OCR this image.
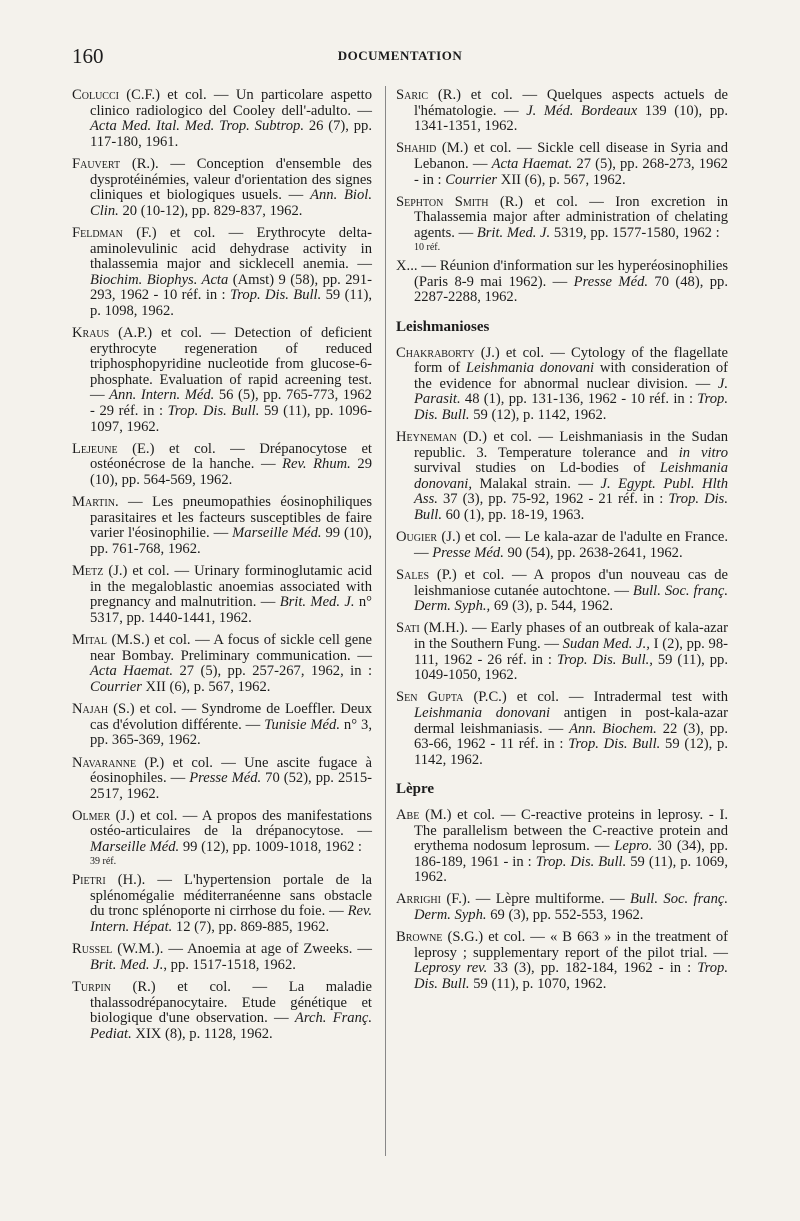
160	DOCUMENTATION

Colucci (C.F.) et col. — Un particolare aspetto clinico radiologico del Cooley dell'-adulto. — Acta Med. Ital. Med. Trop. Subtrop. 26 (7), pp. 117-180, 1961.

Fauvert (R.). — Conception d'ensemble des dysprotéinémies, valeur d'orientation des signes cliniques et biologiques usuels. — Ann. Biol. Clin. 20 (10-12), pp. 829-837, 1962.

Feldman (F.) et col. — Erythrocyte delta-aminolevulinic acid dehydrase activity in thalassemia major and sicklecell anemia. — Biochim. Biophys. Acta (Amst) 9 (58), pp. 291-293, 1962 - 10 réf. in : Trop. Dis. Bull. 59 (11), p. 1098, 1962.

Kraus (A.P.) et col. — Detection of deficient erythrocyte regeneration of reduced triphosphopyridine nucleotide from glucose-6-phosphate. Evaluation of rapid acreening test. — Ann. Intern. Méd. 56 (5), pp. 765-773, 1962 - 29 réf. in : Trop. Dis. Bull. 59 (11), pp. 1096-1097, 1962.

Lejeune (E.) et col. — Drépanocytose et ostéonécrose de la hanche. — Rev. Rhum. 29 (10), pp. 564-569, 1962.

Martin. — Les pneumopathies éosinophiliques parasitaires et les facteurs susceptibles de faire varier l'éosinophilie. — Marseille Méd. 99 (10), pp. 761-768, 1962.

Metz (J.) et col. — Urinary forminoglutamic acid in the megaloblastic anoemias associated with pregnancy and malnutrition. — Brit. Med. J. n° 5317, pp. 1440-1441, 1962.

Mital (M.S.) et col. — A focus of sickle cell gene near Bombay. Preliminary communication. — Acta Haemat. 27 (5), pp. 257-267, 1962, in : Courrier XII (6), p. 567, 1962.

Najah (S.) et col. — Syndrome de Loeffler. Deux cas d'évolution différente. — Tunisie Méd. n° 3, pp. 365-369, 1962.

Navaranne (P.) et col. — Une ascite fugace à éosinophiles. — Presse Méd. 70 (52), pp. 2515-2517, 1962.

Olmer (J.) et col. — A propos des manifestations ostéo-articulaires de la drépanocytose. — Marseille Méd. 99 (12), pp. 1009-1018, 1962 :
39 réf.

Pietri (H.). — L'hypertension portale de la splénomégalie méditerranéenne sans obstacle du tronc splénoporte ni cirrhose du foie. — Rev. Intern. Hépat. 12 (7), pp. 869-885, 1962.

Russel (W.M.). — Anoemia at age of Zweeks. — Brit. Med. J., pp. 1517-1518, 1962.

Turpin (R.) et col. — La maladie thalassodrépanocytaire. Etude génétique et biologique d'une observation. — Arch. Franç. Pediat. XIX (8), p. 1128, 1962.

Saric (R.) et col. — Quelques aspects actuels de l'hématologie. — J. Méd. Bordeaux 139 (10), pp. 1341-1351, 1962.

Shahid (M.) et col. — Sickle cell disease in Syria and Lebanon. — Acta Haemat. 27 (5), pp. 268-273, 1962 - in : Courrier XII (6), p. 567, 1962.

Sephton Smith (R.) et col. — Iron excretion in Thalassemia major after administration of chelating agents. — Brit. Med. J. 5319, pp. 1577-1580, 1962 :
10 réf.

X... — Réunion d'information sur les hyperéosinophilies (Paris 8-9 mai 1962). — Presse Méd. 70 (48), pp. 2287-2288, 1962.

Leishmanioses

Chakraborty (J.) et col. — Cytology of the flagellate form of Leishmania donovani with consideration of the evidence for abnormal nuclear division. — J. Parasit. 48 (1), pp. 131-136, 1962 - 10 réf. in : Trop. Dis. Bull. 59 (12), p. 1142, 1962.

Heyneman (D.) et col. — Leishmaniasis in the Sudan republic. 3. Temperature tolerance and in vitro survival studies on Ld-bodies of Leishmania donovani, Malakal strain. — J. Egypt. Publ. Hlth Ass. 37 (3), pp. 75-92, 1962 - 21 réf. in : Trop. Dis. Bull. 60 (1), pp. 18-19, 1963.

Ougier (J.) et col. — Le kala-azar de l'adulte en France. — Presse Méd. 90 (54), pp. 2638-2641, 1962.

Sales (P.) et col. — A propos d'un nouveau cas de leishmaniose cutanée autochtone. — Bull. Soc. franç. Derm. Syph., 69 (3), p. 544, 1962.

Sati (M.H.). — Early phases of an outbreak of kala-azar in the Southern Fung. — Sudan Med. J., I (2), pp. 98-111, 1962 - 26 réf. in : Trop. Dis. Bull., 59 (11), pp. 1049-1050, 1962.

Sen Gupta (P.C.) et col. — Intradermal test with Leishmania donovani antigen in post-kala-azar dermal leishmaniasis. — Ann. Biochem. 22 (3), pp. 63-66, 1962 - 11 réf. in : Trop. Dis. Bull. 59 (12), p. 1142, 1962.

Lèpre

Abe (M.) et col. — C-reactive proteins in leprosy. - I. The parallelism between the C-reactive protein and erythema nodosum leprosum. — Lepro. 30 (34), pp. 186-189, 1961 - in : Trop. Dis. Bull. 59 (11), p. 1069, 1962.

Arrighi (F.). — Lèpre multiforme. — Bull. Soc. franç. Derm. Syph. 69 (3), pp. 552-553, 1962.

Browne (S.G.) et col. — « B 663 » in the treatment of leprosy ; supplementary report of the pilot trial. — Leprosy rev. 33 (3), pp. 182-184, 1962 - in : Trop. Dis. Bull. 59 (11), p. 1070, 1962.
